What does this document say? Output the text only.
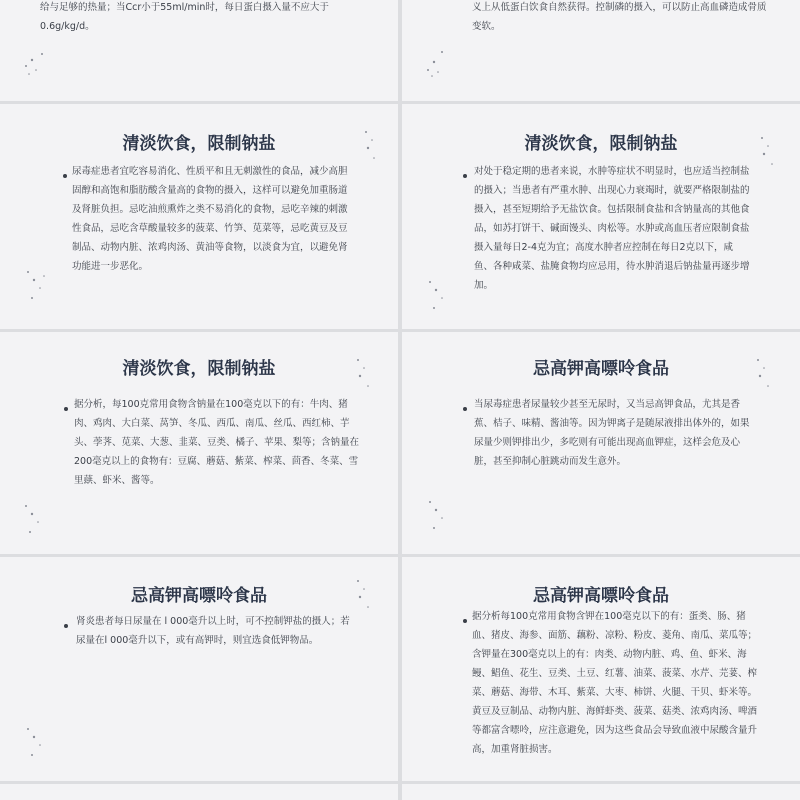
给与足够的热量；当Ccr小于55ml/min时，每日蛋白摄入量不应大于0.6g/kg/d。

义上从低蛋白饮食自然获得。控制磷的摄入，可以防止高血磷造成骨质变软。

清淡饮食，限制钠盐

尿毒症患者宜吃容易消化、性质平和且无刺激性的食品，减少高胆固醇和高饱和脂肪酸含量高的食物的摄入，这样可以避免加重肠道及肾脏负担。忌吃油煎熏炸之类不易消化的食物，忌吃辛辣的刺激性食品，忌吃含草酸量较多的菠菜、竹笋、苋菜等，忌吃黄豆及豆制品、动物内脏、浓鸡肉汤、黄油等食物，以淡食为宜，以避免肾功能进一步恶化。

清淡饮食，限制钠盐

对处于稳定期的患者来说，水肿等症状不明显时，也应适当控制盐的摄入；当患者有严重水肿、出现心力衰竭时，就要严格限制盐的摄入，甚至短期给予无盐饮食。包括限制食盐和含钠量高的其他食品，如苏打饼干、碱面馒头、肉松等。水肿或高血压者应限制食盐摄入量每日2-4克为宜；高度水肿者应控制在每日2克以下，咸鱼、各种咸菜、盐腌食物均应忌用，待水肿消退后钠盐量再逐步增加。

清淡饮食，限制钠盐

据分析，每100克常用食物含钠量在100毫克以下的有：牛肉、猪肉、鸡肉、大白菜、莴笋、冬瓜、西瓜、南瓜、丝瓜、西红柿、芋头、荸荠、苋菜、大葱、韭菜、豆类、橘子、苹果、梨等；含钠量在200毫克以上的食物有：豆腐、蘑菇、紫菜、榨菜、茴香、冬菜、雪里蕻、虾米、酱等。

忌高钾高嘌呤食品

当尿毒症患者尿量较少甚至无尿时，又当忌高钾食品，尤其是香蕉、桔子、味精、酱油等。因为钾离子是随尿液排出体外的，如果尿量少则钾排出少，多吃则有可能出现高血钾症，这样会危及心脏，甚至抑制心脏跳动而发生意外。

忌高钾高嘌呤食品

肾炎患者每日尿量在 l 000毫升以上时，可不控制钾盐的摄人；若尿量在l 000毫升以下，或有高钾时，则宜选食低钾物品。

忌高钾高嘌呤食品

据分析每100克常用食物含钾在100毫克以下的有：蛋类、肠、猪血、猪皮、海参、面筋、藕粉、凉粉、粉皮、菱角、南瓜、菜瓜等；含钾量在300毫克以上的有：肉类、动物内脏、鸡、鱼、虾米、海鳗、鲳鱼、花生、豆类、土豆、红薯、油菜、菠菜、水芹、芫荽、榨菜、蘑菇、海带、木耳、紫菜、大枣、柿饼、火腿、干贝、虾米等。黄豆及豆制品、动物内脏、海鲜虾类、菠菜、菇类、浓鸡肉汤、啤酒等都富含嘌呤，应注意避免，因为这些食品会导致血液中尿酸含量升高，加重肾脏损害。
